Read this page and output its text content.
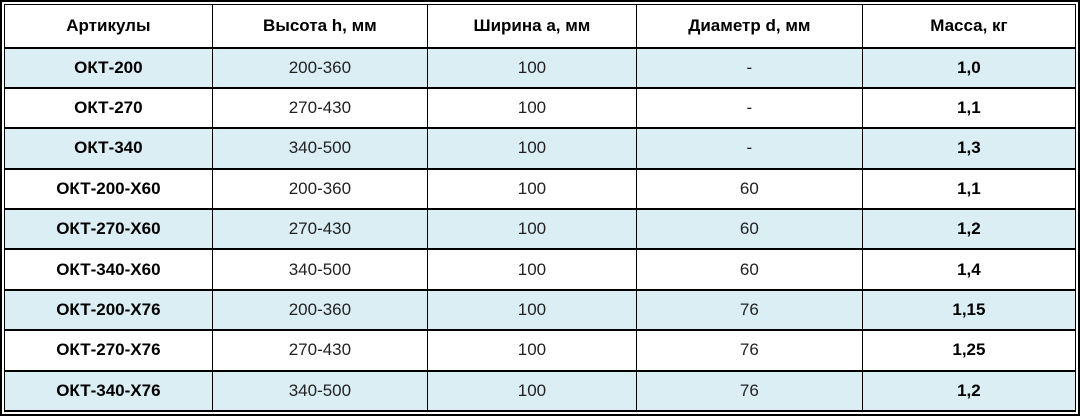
Артикулы	Высота h, мм	Ширина a, мм	Диаметр d, мм	Масса, кг
ОКТ-200	200-360	100	-	1,0
ОКТ-270	270-430	100	-	1,1
ОКТ-340	340-500	100	-	1,3
ОКТ-200-Х60	200-360	100	60	1,1
ОКТ-270-Х60	270-430	100	60	1,2
ОКТ-340-Х60	340-500	100	60	1,4
ОКТ-200-Х76	200-360	100	76	1,15
ОКТ-270-Х76	270-430	100	76	1,25
ОКТ-340-Х76	340-500	100	76	1,2
